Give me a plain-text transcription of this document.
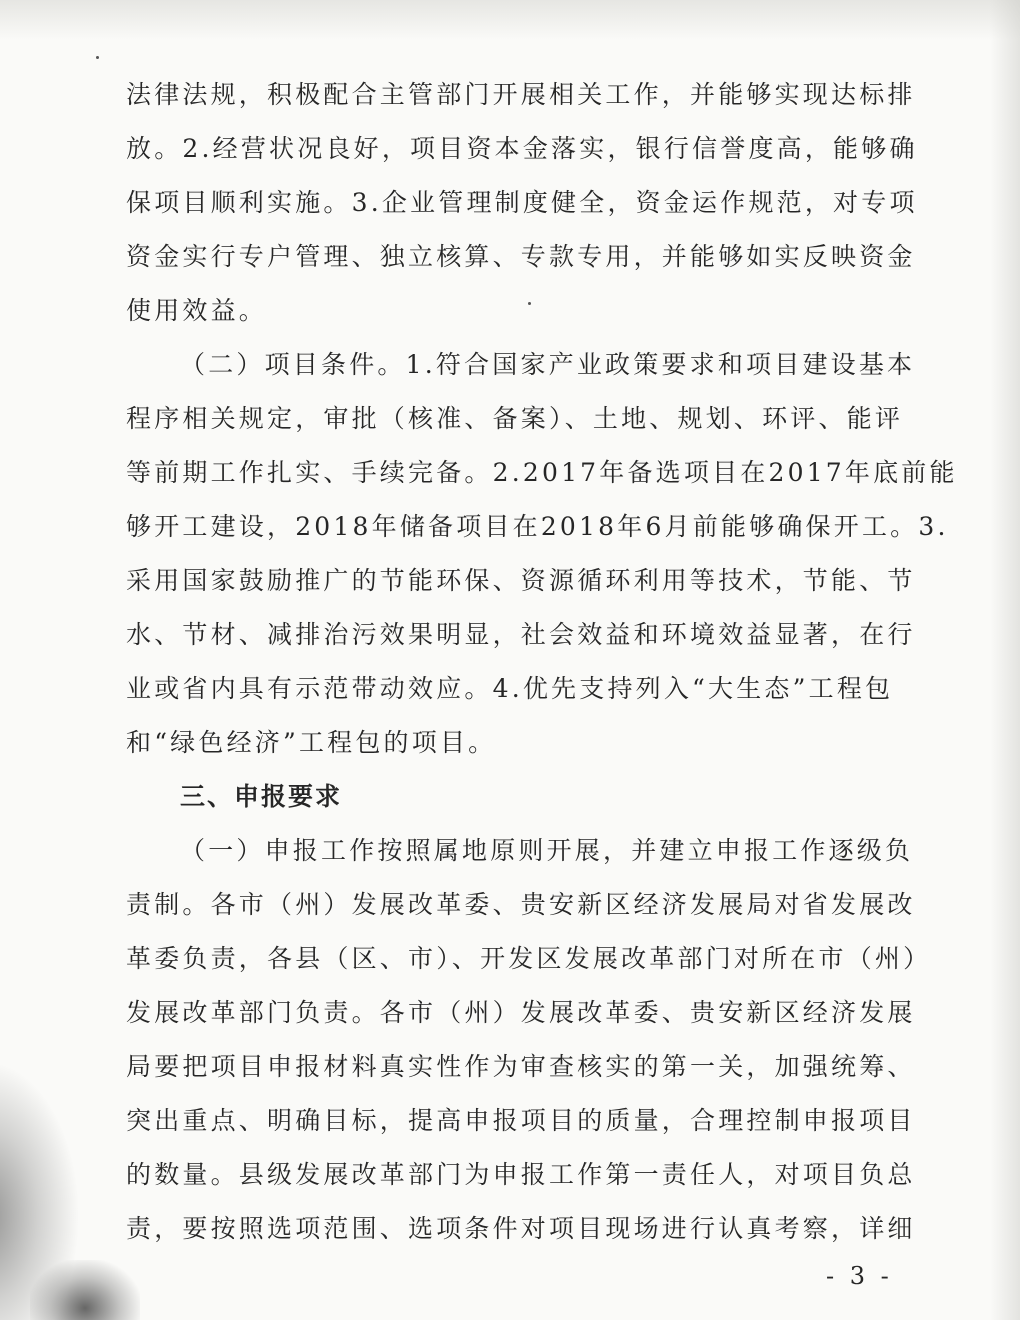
法律法规，积极配合主管部门开展相关工作，并能够实现达标排
放。2.经营状况良好，项目资本金落实，银行信誉度高，能够确
保项目顺利实施。3.企业管理制度健全，资金运作规范，对专项
资金实行专户管理、独立核算、专款专用，并能够如实反映资金
使用效益。
（二）项目条件。1.符合国家产业政策要求和项目建设基本
程序相关规定，审批（核准、备案）、土地、规划、环评、能评
等前期工作扎实、手续完备。2.2017年备选项目在2017年底前能
够开工建设，2018年储备项目在2018年6月前能够确保开工。3.
采用国家鼓励推广的节能环保、资源循环利用等技术，节能、节
水、节材、减排治污效果明显，社会效益和环境效益显著，在行
业或省内具有示范带动效应。4.优先支持列入“大生态”工程包
和“绿色经济”工程包的项目。
三、申报要求
（一）申报工作按照属地原则开展，并建立申报工作逐级负
责制。各市（州）发展改革委、贵安新区经济发展局对省发展改
革委负责，各县（区、市）、开发区发展改革部门对所在市（州）
发展改革部门负责。各市（州）发展改革委、贵安新区经济发展
局要把项目申报材料真实性作为审查核实的第一关，加强统筹、
突出重点、明确目标，提高申报项目的质量，合理控制申报项目
的数量。县级发展改革部门为申报工作第一责任人，对项目负总
责，要按照选项范围、选项条件对项目现场进行认真考察，详细
- 3 -
